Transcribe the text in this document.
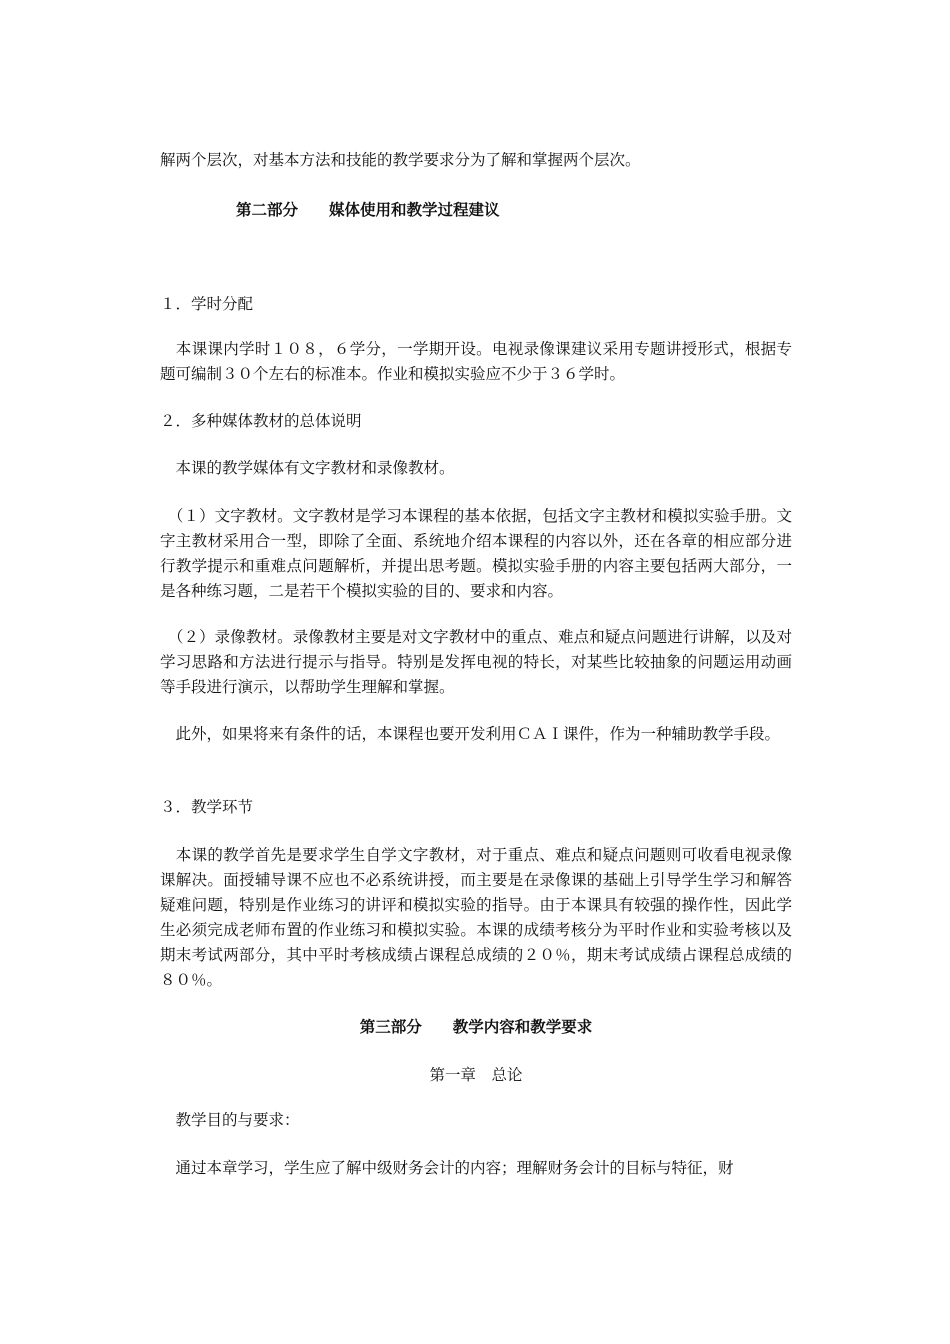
解两个层次，对基本方法和技能的教学要求分为了解和掌握两个层次。
第二部分　　媒体使用和教学过程建议
１．学时分配
　本课课内学时１０８，６学分，一学期开设。电视录像课建议采用专题讲授形式，根据专题可编制３０个左右的标准本。作业和模拟实验应不少于３６学时。
２．多种媒体教材的总体说明
　本课的教学媒体有文字教材和录像教材。
　（１）文字教材。文字教材是学习本课程的基本依据，包括文字主教材和模拟实验手册。文字主教材采用合一型，即除了全面、系统地介绍本课程的内容以外，还在各章的相应部分进行教学提示和重难点问题解析，并提出思考题。模拟实验手册的内容主要包括两大部分，一是各种练习题，二是若干个模拟实验的目的、要求和内容。
　（２）录像教材。录像教材主要是对文字教材中的重点、难点和疑点问题进行讲解，以及对学习思路和方法进行提示与指导。特别是发挥电视的特长，对某些比较抽象的问题运用动画等手段进行演示，以帮助学生理解和掌握。
　此外，如果将来有条件的话，本课程也要开发利用ＣＡＩ课件，作为一种辅助教学手段。
３．教学环节
　本课的教学首先是要求学生自学文字教材，对于重点、难点和疑点问题则可收看电视录像课解决。面授辅导课不应也不必系统讲授，而主要是在录像课的基础上引导学生学习和解答疑难问题，特别是作业练习的讲评和模拟实验的指导。由于本课具有较强的操作性，因此学生必须完成老师布置的作业练习和模拟实验。本课的成绩考核分为平时作业和实验考核以及期末考试两部分，其中平时考核成绩占课程总成绩的２０％，期末考试成绩占课程总成绩的８０％。
第三部分　　教学内容和教学要求
第一章　总论
　教学目的与要求：
　通过本章学习，学生应了解中级财务会计的内容；理解财务会计的目标与特征，财
